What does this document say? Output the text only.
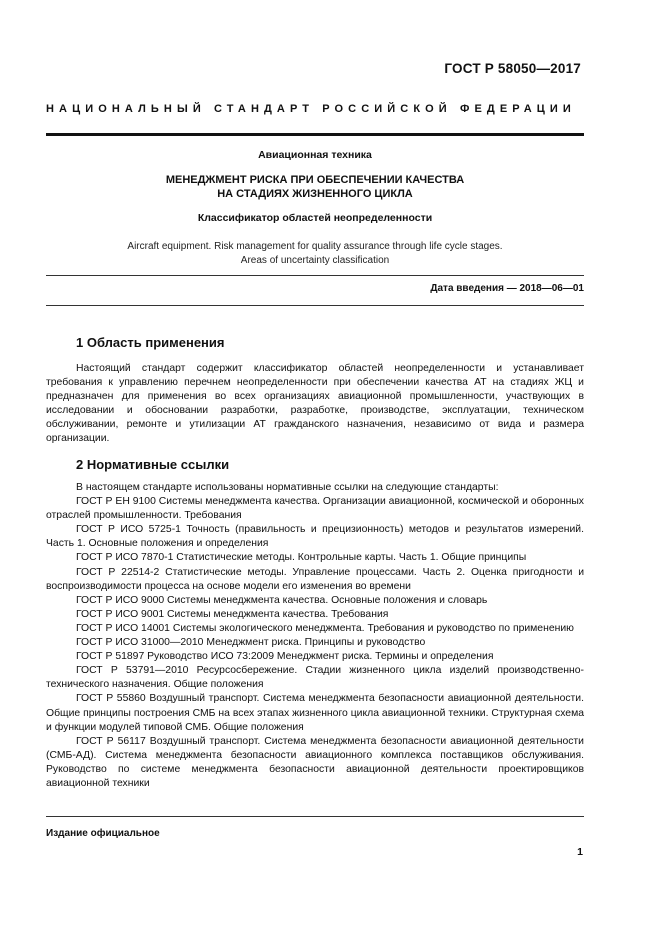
ГОСТ Р 58050—2017
НАЦИОНАЛЬНЫЙ СТАНДАРТ РОССИЙСКОЙ ФЕДЕРАЦИИ
Авиационная техника
МЕНЕДЖМЕНТ РИСКА ПРИ ОБЕСПЕЧЕНИИ КАЧЕСТВА
НА СТАДИЯХ ЖИЗНЕННОГО ЦИКЛА
Классификатор областей неопределенности
Aircraft equipment. Risk management for quality assurance through life cycle stages.
Areas of uncertainty classification
Дата введения — 2018—06—01
1 Область применения

Настоящий стандарт содержит классификатор областей неопределенности и устанавливает требования к управлению перечнем неопределенности при обеспечении качества АТ на стадиях ЖЦ и предназначен для применения во всех организациях авиационной промышленности, участвующих в исследовании и обосновании разработки, разработке, производстве, эксплуатации, техническом обслуживании, ремонте и утилизации АТ гражданского назначения, независимо от вида и размера организации.

2 Нормативные ссылки

В настоящем стандарте использованы нормативные ссылки на следующие стандарты:

ГОСТ Р ЕН 9100 Системы менеджмента качества. Организации авиационной, космической и оборонных отраслей промышленности. Требования

ГОСТ Р ИСО 5725-1 Точность (правильность и прецизионность) методов и результатов измерений. Часть 1. Основные положения и определения

ГОСТ Р ИСО 7870-1 Статистические методы. Контрольные карты. Часть 1. Общие принципы

ГОСТ Р 22514-2 Статистические методы. Управление процессами. Часть 2. Оценка пригодности и воспроизводимости процесса на основе модели его изменения во времени

ГОСТ Р ИСО 9000 Системы менеджмента качества. Основные положения и словарь

ГОСТ Р ИСО 9001 Системы менеджмента качества. Требования

ГОСТ Р ИСО 14001 Системы экологического менеджмента. Требования и руководство по применению

ГОСТ Р ИСО 31000—2010 Менеджмент риска. Принципы и руководство

ГОСТ Р 51897 Руководство ИСО 73:2009 Менеджмент риска. Термины и определения

ГОСТ Р 53791—2010 Ресурсосбережение. Стадии жизненного цикла изделий производственно-технического назначения. Общие положения

ГОСТ Р 55860 Воздушный транспорт. Система менеджмента безопасности авиационной деятельности. Общие принципы построения СМБ на всех этапах жизненного цикла авиационной техники. Структурная схема и функции модулей типовой СМБ. Общие положения

ГОСТ Р 56117 Воздушный транспорт. Система менеджмента безопасности авиационной деятельности (СМБ-АД). Система менеджмента безопасности авиационного комплекса поставщиков обслуживания. Руководство по системе менеджмента безопасности авиационной деятельности проектировщиков авиационной техники

Издание официальное
1
